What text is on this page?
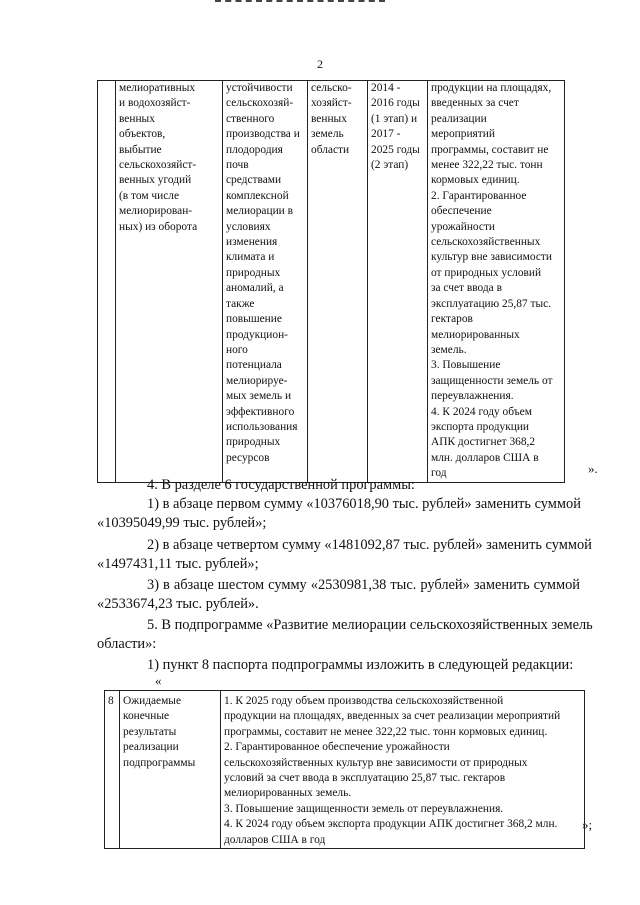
2

мелиоративных
и водохозяйст-
венных
объектов,
выбытие
сельскохозяйст-
венных угодий
(в том числе
мелиорирован-
ных) из оборота

устойчивости
сельскохозяй-
ственного
производства и
плодородия
почв
средствами
комплексной
мелиорации в
условиях
изменения
климата и
природных
аномалий, а
также
повышение
продукцион-
ного
потенциала
мелиорируе-
мых земель и
эффективного
использования
природных
ресурсов

сельско-
хозяйст-
венных
земель
области

2014 -
2016 годы
(1 этап) и
2017 -
2025 годы
(2 этап)

продукции на площадях,
введенных за счет
реализации
мероприятий
программы, составит не
менее 322,22 тыс. тонн
кормовых единиц.
2. Гарантированное
обеспечение
урожайности
сельскохозяйственных
культур вне зависимости
от природных условий
за счет ввода в
эксплуатацию 25,87 тыс.
гектаров
мелиорированных
земель.
3. Повышение
защищенности земель от
переувлажнения.
4. К 2024 году объем
экспорта продукции
АПК достигнет 368,2
млн. долларов США в
год	».
4. В разделе 6 государственной программы:
1) в абзаце первом сумму «10376018,90 тыс. рублей» заменить суммой
«10395049,99 тыс. рублей»;
2) в абзаце четвертом сумму «1481092,87 тыс. рублей» заменить суммой
«1497431,11 тыс. рублей»;
3) в абзаце шестом сумму «2530981,38 тыс. рублей» заменить суммой
«2533674,23 тыс. рублей».
5. В подпрограмме «Развитие мелиорации сельскохозяйственных земель
области»:
1) пункт 8 паспорта подпрограммы изложить в следующей редакции:
«
8	Ожидаемые
конечные
результаты
реализации
подпрограммы

1. К 2025 году объем производства сельскохозяйственной
продукции на площадях, введенных за счет реализации мероприятий
программы, составит не менее 322,22 тыс. тонн кормовых единиц.
2. Гарантированное обеспечение урожайности
сельскохозяйственных культур вне зависимости от природных
условий за счет ввода в эксплуатацию 25,87 тыс. гектаров
мелиорированных земель.
3. Повышение защищенности земель от переувлажнения.
4. К 2024 году объем экспорта продукции АПК достигнет 368,2 млн.
долларов США в год
»;
